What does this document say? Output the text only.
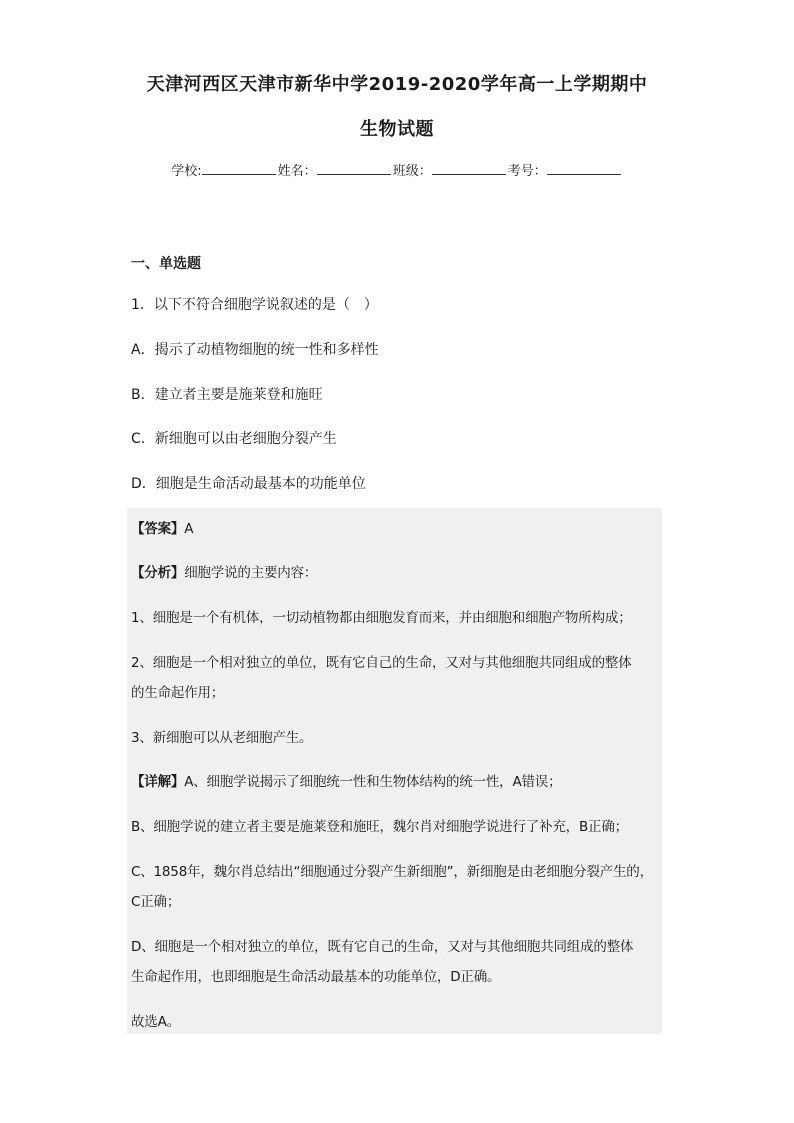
天津河西区天津市新华中学2019-2020学年高一上学期期中
生物试题
学校:	姓名：	班级：	考号：
一、单选题
1．以下不符合细胞学说叙述的是（　）
A．揭示了动植物细胞的统一性和多样性
B．建立者主要是施莱登和施旺
C．新细胞可以由老细胞分裂产生
D．细胞是生命活动最基本的功能单位
【答案】A
【分析】细胞学说的主要内容：
1、细胞是一个有机体，一切动植物都由细胞发育而来，并由细胞和细胞产物所构成；
2、细胞是一个相对独立的单位，既有它自己的生命，又对与其他细胞共同组成的整体
的生命起作用；
3、新细胞可以从老细胞产生。
【详解】A、细胞学说揭示了细胞统一性和生物体结构的统一性，A错误；
B、细胞学说的建立者主要是施莱登和施旺，魏尔肖对细胞学说进行了补充，B正确；
C、1858年，魏尔肖总结出“细胞通过分裂产生新细胞”，新细胞是由老细胞分裂产生的，
C正确；
D、细胞是一个相对独立的单位，既有它自己的生命，又对与其他细胞共同组成的整体
生命起作用，也即细胞是生命活动最基本的功能单位，D正确。
故选A。
